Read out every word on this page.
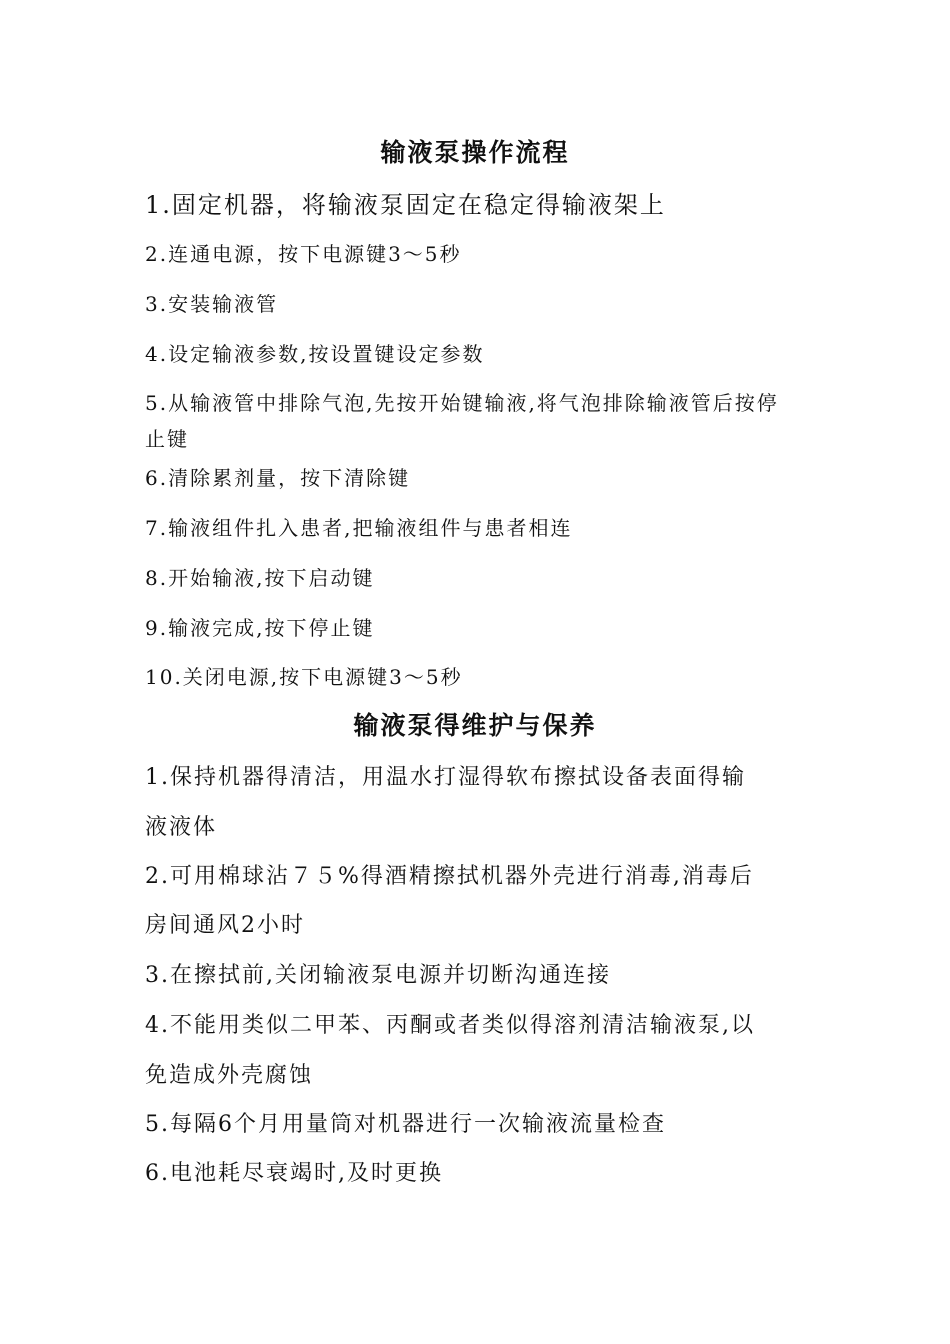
输液泵操作流程
1.固定机器，将输液泵固定在稳定得输液架上
2.连通电源，按下电源键3～5秒
3.安装输液管
4.设定输液参数,按设置键设定参数
5.从输液管中排除气泡,先按开始键输液,将气泡排除输液管后按停
止键
6.清除累剂量，按下清除键
7.输液组件扎入患者,把输液组件与患者相连
8.开始输液,按下启动键
9.输液完成,按下停止键
10.关闭电源,按下电源键3～5秒
输液泵得维护与保养
1.保持机器得清洁，用温水打湿得软布擦拭设备表面得输
液液体
2.可用棉球沾７５%得酒精擦拭机器外壳进行消毒,消毒后
房间通风2小时
3.在擦拭前,关闭输液泵电源并切断沟通连接
4.不能用类似二甲苯、丙酮或者类似得溶剂清洁输液泵,以
免造成外壳腐蚀
5.每隔6个月用量筒对机器进行一次输液流量检查
6.电池耗尽衰竭时,及时更换
